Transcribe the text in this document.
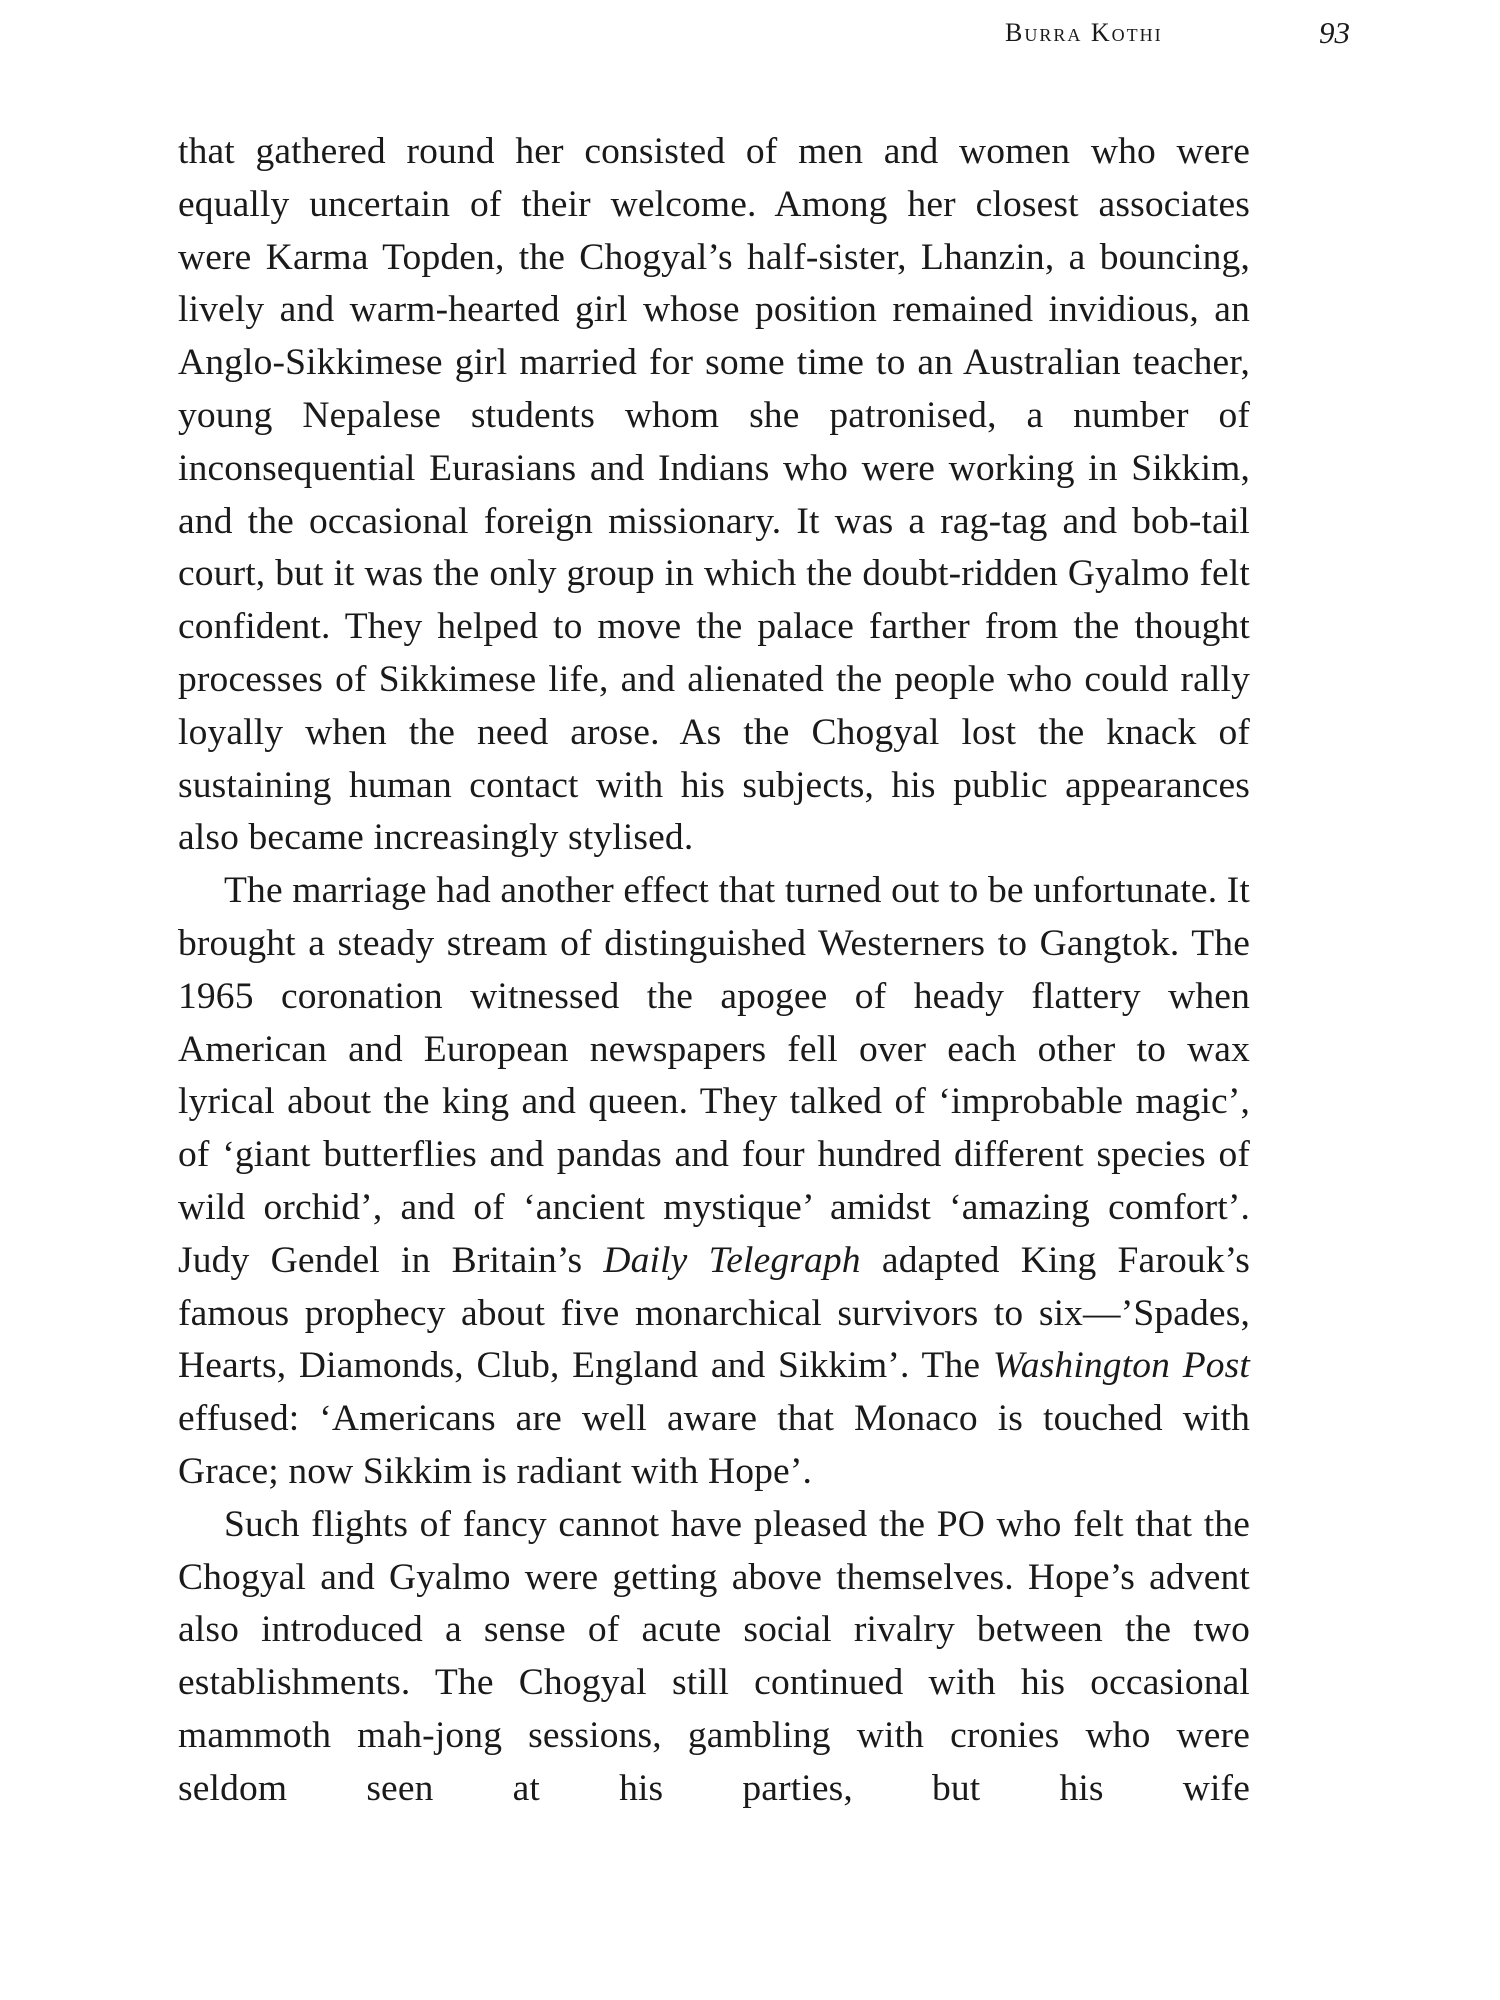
Burra Kothi	93

that gathered round her consisted of men and women who were equally uncertain of their welcome. Among her closest associates were Karma Topden, the Chogyal’s half-sister, Lhanzin, a bouncing, lively and warm-hearted girl whose position remained invidious, an Anglo-Sikkimese girl married for some time to an Australian teacher, young Nepalese students whom she patronised, a number of inconsequential Eurasians and Indians who were working in Sikkim, and the occasional foreign missionary. It was a rag-tag and bob-tail court, but it was the only group in which the doubt-ridden Gyalmo felt confident. They helped to move the palace farther from the thought processes of Sikkimese life, and alienated the people who could rally loyally when the need arose. As the Chogyal lost the knack of sustaining human contact with his subjects, his public appearances also became increasingly stylised.

The marriage had another effect that turned out to be unfortunate. It brought a steady stream of distinguished Westerners to Gangtok. The 1965 coronation witnessed the apogee of heady flattery when American and European newspapers fell over each other to wax lyrical about the king and queen. They talked of ‘improbable magic’, of ‘giant butterflies and pandas and four hundred different species of wild orchid’, and of ‘ancient mystique’ amidst ‘amazing comfort’. Judy Gendel in Britain’s Daily Telegraph adapted King Farouk’s famous prophecy about five monarchical survivors to six—’Spades, Hearts, Diamonds, Club, England and Sikkim’. The Washington Post effused: ‘Americans are well aware that Monaco is touched with Grace; now Sikkim is radiant with Hope’.

Such flights of fancy cannot have pleased the PO who felt that the Chogyal and Gyalmo were getting above themselves. Hope’s advent also introduced a sense of acute social rivalry between the two establishments. The Chogyal still continued with his occasional mammoth mah-jong sessions, gambling with cronies who were seldom seen at his parties, but his wife
